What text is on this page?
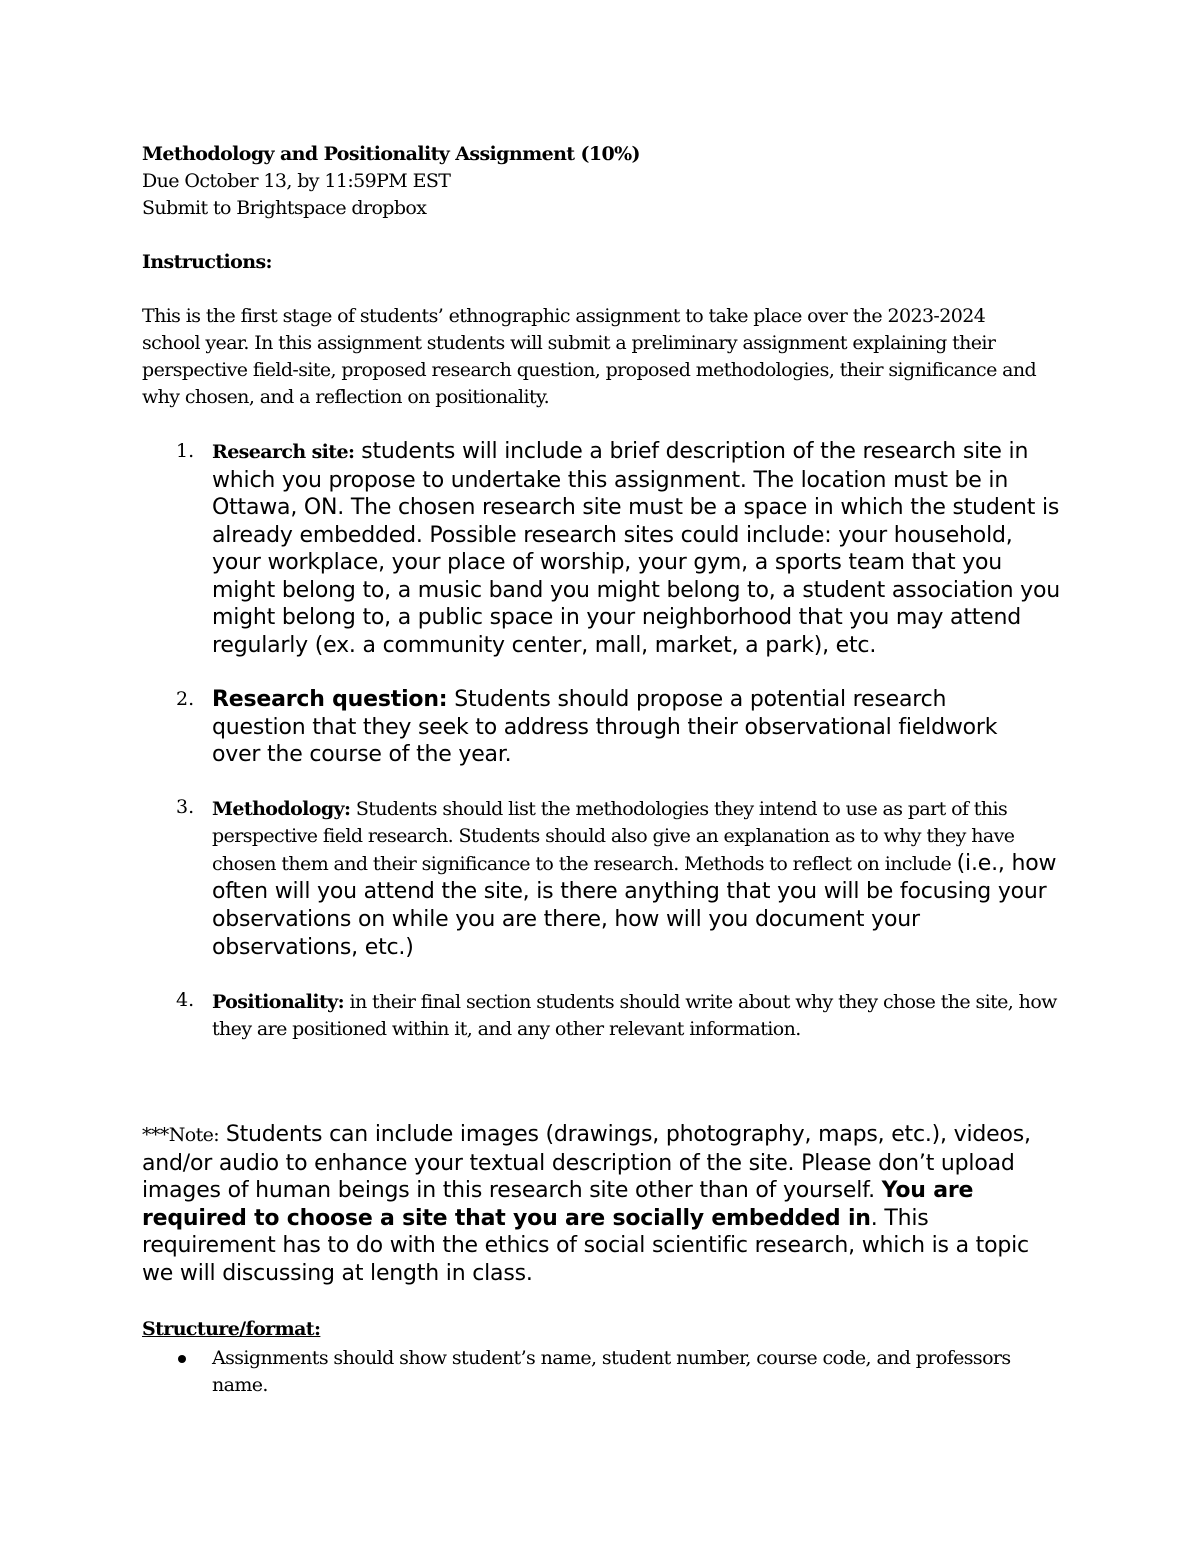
Methodology and Positionality Assignment (10%)
Due October 13, by 11:59PM EST
Submit to Brightspace dropbox
Instructions:
This is the first stage of students’ ethnographic assignment to take place over the 2023-2024 school year. In this assignment students will submit a preliminary assignment explaining their perspective field-site, proposed research question, proposed methodologies, their significance and why chosen, and a reflection on positionality.
1. Research site: students will include a brief description of the research site in which you propose to undertake this assignment. The location must be in Ottawa, ON. The chosen research site must be a space in which the student is already embedded. Possible research sites could include: your household, your workplace, your place of worship, your gym, a sports team that you might belong to, a music band you might belong to, a student association you might belong to, a public space in your neighborhood that you may attend regularly (ex. a community center, mall, market, a park), etc.
2. Research question: Students should propose a potential research question that they seek to address through their observational fieldwork over the course of the year.
3. Methodology: Students should list the methodologies they intend to use as part of this perspective field research. Students should also give an explanation as to why they have chosen them and their significance to the research. Methods to reflect on include (i.e., how often will you attend the site, is there anything that you will be focusing your observations on while you are there, how will you document your observations, etc.)
4. Positionality: in their final section students should write about why they chose the site, how they are positioned within it, and any other relevant information.
***Note: Students can include images (drawings, photography, maps, etc.), videos, and/or audio to enhance your textual description of the site. Please don’t upload images of human beings in this research site other than of yourself. You are required to choose a site that you are socially embedded in. This requirement has to do with the ethics of social scientific research, which is a topic we will discussing at length in class.
Structure/format:
Assignments should show student’s name, student number, course code, and professors name.
